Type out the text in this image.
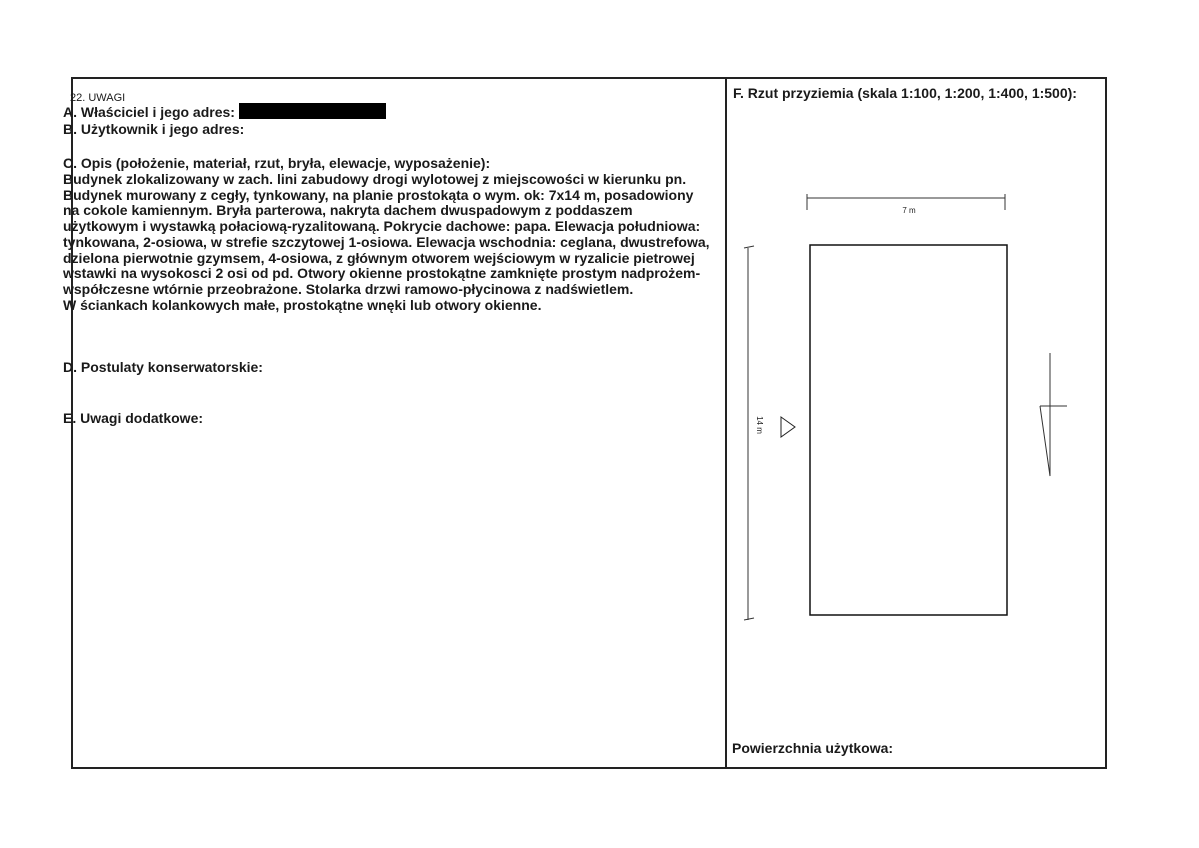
22. UWAGI
A. Właściciel i jego adres:
B. Użytkownik i jego adres:
C. Opis (położenie, materiał, rzut, bryła, elewacje, wyposażenie):
Budynek zlokalizowany w zach. lini zabudowy drogi wylotowej z miejscowości w kierunku pn.
Budynek murowany z cegły, tynkowany, na planie prostokąta o wym. ok: 7x14 m, posadowiony
na cokole kamiennym. Bryła parterowa, nakryta dachem dwuspadowym z poddaszem
użytkowym i wystawką połaciową-ryzalitowaną. Pokrycie dachowe: papa. Elewacja południowa:
tynkowana, 2-osiowa, w strefie szczytowej 1-osiowa. Elewacja wschodnia: ceglana, dwustrefowa,
dzielona pierwotnie gzymsem, 4-osiowa, z głównym otworem wejściowym w ryzalicie pietrowej
wstawki na wysokosci 2 osi od pd. Otwory okienne prostokątne zamknięte prostym nadprożem-
współczesne wtórnie przeobrażone. Stolarka drzwi ramowo-płycinowa z nadświetlem.
W ściankach kolankowych małe, prostokątne wnęki lub otwory okienne.
D. Postulaty konserwatorskie:
E. Uwagi dodatkowe:
F. Rzut przyziemia (skala 1:100, 1:200, 1:400, 1:500):
7 m
14 m
Powierzchnia użytkowa:
